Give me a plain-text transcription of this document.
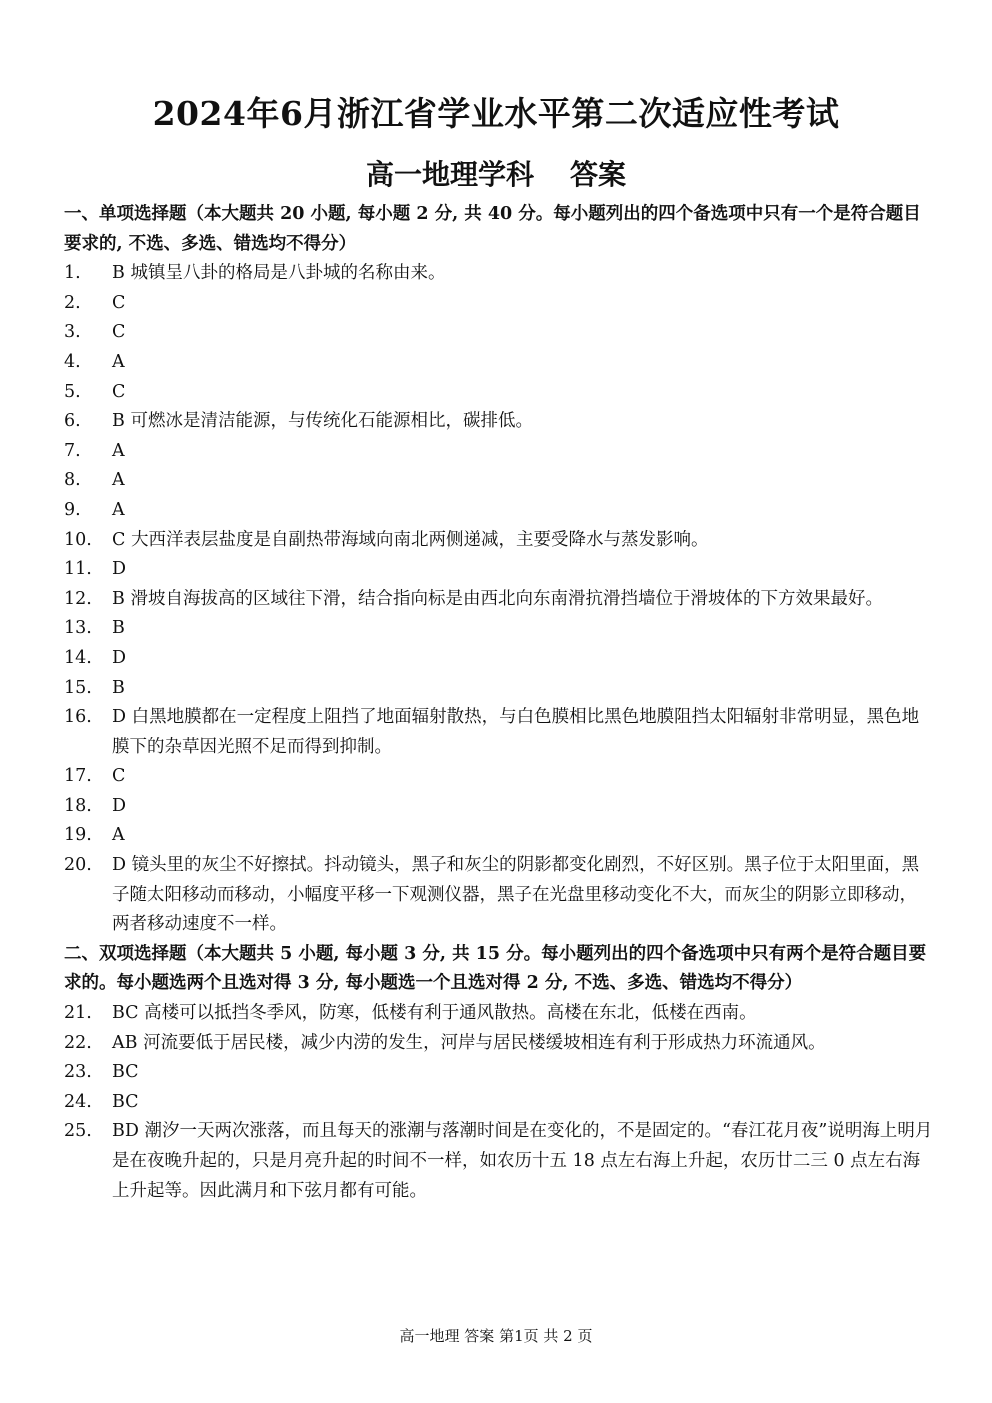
2024年6月浙江省学业水平第二次适应性考试
高一地理学科 答案
一、单项选择题（本大题共 20 小题, 每小题 2 分, 共 40 分。每小题列出的四个备选项中只有一个是符合题目要求的, 不选、多选、错选均不得分）
1. B 城镇呈八卦的格局是八卦城的名称由来。
2. C
3. C
4. A
5. C
6. B 可燃冰是清洁能源，与传统化石能源相比，碳排低。
7. A
8. A
9. A
10. C 大西洋表层盐度是自副热带海域向南北两侧递减，主要受降水与蒸发影响。
11. D
12. B 滑坡自海拔高的区域往下滑，结合指向标是由西北向东南滑抗滑挡墙位于滑坡体的下方效果最好。
13. B
14. D
15. B
16. D 白黑地膜都在一定程度上阻挡了地面辐射散热，与白色膜相比黑色地膜阻挡太阳辐射非常明显，黑色地膜下的杂草因光照不足而得到抑制。
17. C
18. D
19. A
20. D 镜头里的灰尘不好擦拭。抖动镜头，黑子和灰尘的阴影都变化剧烈，不好区别。黑子位于太阳里面，黑子随太阳移动而移动，小幅度平移一下观测仪器，黑子在光盘里移动变化不大，而灰尘的阴影立即移动，两者移动速度不一样。
二、双项选择题（本大题共 5 小题, 每小题 3 分, 共 15 分。每小题列出的四个备选项中只有两个是符合题目要求的。每小题选两个且选对得 3 分, 每小题选一个且选对得 2 分, 不选、多选、错选均不得分）
21. BC 高楼可以抵挡冬季风，防寒，低楼有利于通风散热。高楼在东北，低楼在西南。
22. AB 河流要低于居民楼，减少内涝的发生，河岸与居民楼缓坡相连有利于形成热力环流通风。
23. BC
24. BC
25. BD 潮汐一天两次涨落，而且每天的涨潮与落潮时间是在变化的，不是固定的。“春江花月夜”说明海上明月是在夜晚升起的，只是月亮升起的时间不一样，如农历十五 18 点左右海上升起，农历廿二三 0 点左右海上升起等。因此满月和下弦月都有可能。
高一地理 答案 第1页 共 2 页
